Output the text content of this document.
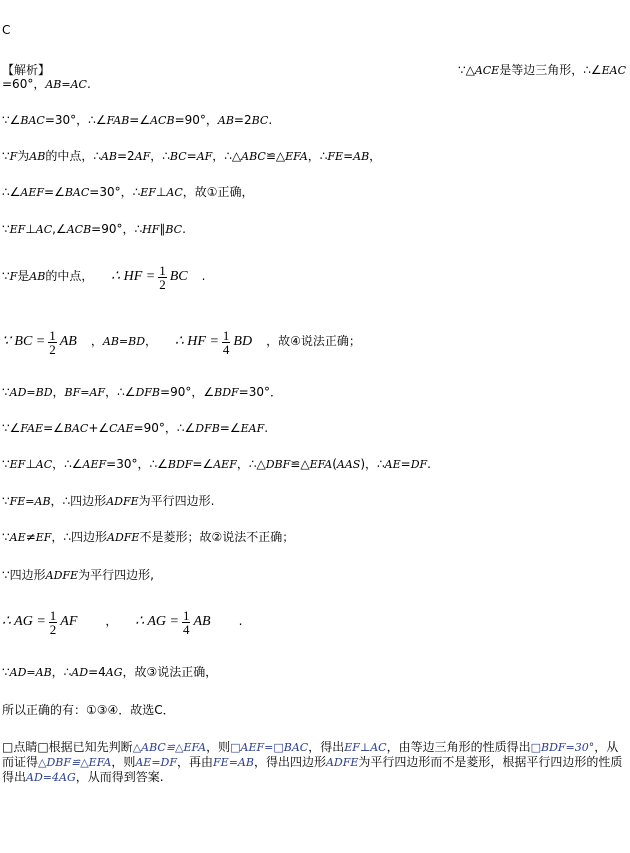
C
【解析】	∵△ACE是等边三角形，∴∠EAC
=60°，AB=AC.
∵∠BAC=30°，∴∠FAB=∠ACB=90°，AB=2BC.
∵F为AB的中点，∴AB=2AF，∴BC=AF，∴△ABC≌△EFA，∴FE=AB，
∴∠AEF=∠BAC=30°，∴EF⊥AC，故①正确，
∵EF⊥AC,∠ACB=90°，∴HF∥BC.
∵F是AB的中点， ∴ HF = $\frac{1}{2}$ BC .
∵ BC = $\frac{1}{2}$ AB ，AB=BD， ∴ HF = $\frac{1}{4}$ BD ，故④说法正确；
∵AD=BD，BF=AF，∴∠DFB=90°，∠BDF=30°．
∵∠FAE=∠BAC+∠CAE=90°，∴∠DFB=∠EAF.
∵EF⊥AC，∴∠AEF=30°，∴∠BDF=∠AEF，∴△DBF≌△EFA(AAS)，∴AE=DF.
∵FE=AB，∴四边形ADFE为平行四边形.
∵AE≠EF，∴四边形ADFE不是菱形；故②说法不正确；
∵四边形ADFE为平行四边形,
∴ AG = $\frac{1}{2}$ AF ， ∴ AG = $\frac{1}{4}$ AB .
∵AD=AB，∴AD=4AG，故③说法正确，
所以正确的有：①③④．故选C．
□点睛□根据已知先判断△ABC≌△EFA，则□AEF=□BAC，得出EF⊥AC，由等边三角形的性质得出□BDF=30°，从而证得△DBF≌△EFA，则AE=DF，再由FE=AB，得出四边形ADFE为平行四边形而不是菱形，根据平行四边形的性质得出AD=4AG，从而得到答案.
